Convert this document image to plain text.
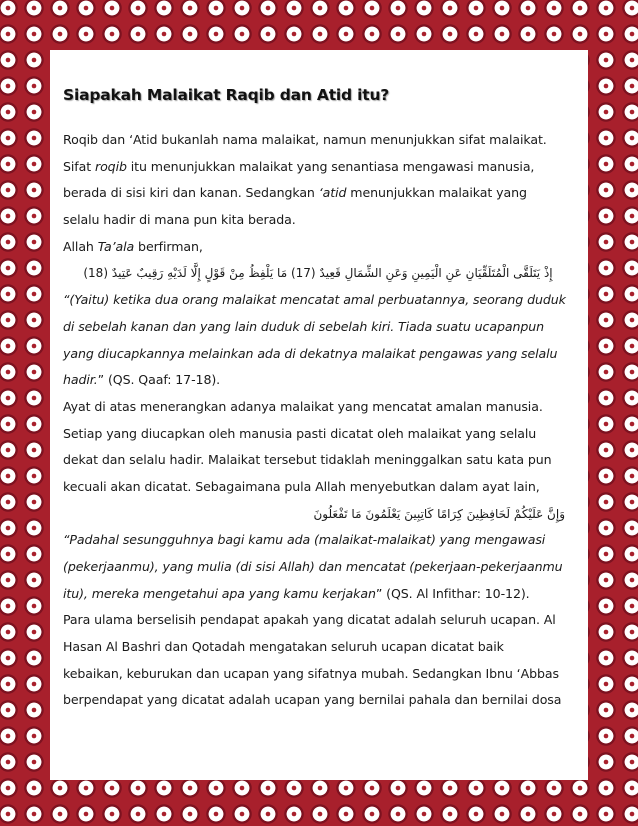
Siapakah Malaikat Raqib dan Atid itu?
Roqib dan ‘Atid bukanlah nama malaikat, namun menunjukkan sifat malaikat.
Sifat roqib itu menunjukkan malaikat yang senantiasa mengawasi manusia,
berada di sisi kiri dan kanan. Sedangkan ‘atid menunjukkan malaikat yang
selalu hadir di mana pun kita berada.
Allah Ta’ala berfirman,
إِذْ يَتَلَقَّى الْمُتَلَقِّيَانِ عَنِ الْيَمِينِ وَعَنِ الشِّمَالِ قَعِيدٌ (17) مَا يَلْفِظُ مِنْ قَوْلٍ إِلَّا لَدَيْهِ رَقِيبٌ عَتِيدٌ (18)
“(Yaitu) ketika dua orang malaikat mencatat amal perbuatannya, seorang duduk
di sebelah kanan dan yang lain duduk di sebelah kiri. Tiada suatu ucapanpun
yang diucapkannya melainkan ada di dekatnya malaikat pengawas yang selalu
hadir.” (QS. Qaaf: 17-18).
Ayat di atas menerangkan adanya malaikat yang mencatat amalan manusia.
Setiap yang diucapkan oleh manusia pasti dicatat oleh malaikat yang selalu
dekat dan selalu hadir. Malaikat tersebut tidaklah meninggalkan satu kata pun
kecuali akan dicatat. Sebagaimana pula Allah menyebutkan dalam ayat lain,
وَإِنَّ عَلَيْكُمْ لَحَافِظِينَ كِرَامًا كَاتِبِينَ يَعْلَمُونَ مَا تَفْعَلُونَ
“Padahal sesungguhnya bagi kamu ada (malaikat-malaikat) yang mengawasi
(pekerjaanmu), yang mulia (di sisi Allah) dan mencatat (pekerjaan-pekerjaanmu
itu), mereka mengetahui apa yang kamu kerjakan” (QS. Al Infithar: 10-12).
Para ulama berselisih pendapat apakah yang dicatat adalah seluruh ucapan. Al
Hasan Al Bashri dan Qotadah mengatakan seluruh ucapan dicatat baik
kebaikan, keburukan dan ucapan yang sifatnya mubah. Sedangkan Ibnu ‘Abbas
berpendapat yang dicatat adalah ucapan yang bernilai pahala dan bernilai dosa
